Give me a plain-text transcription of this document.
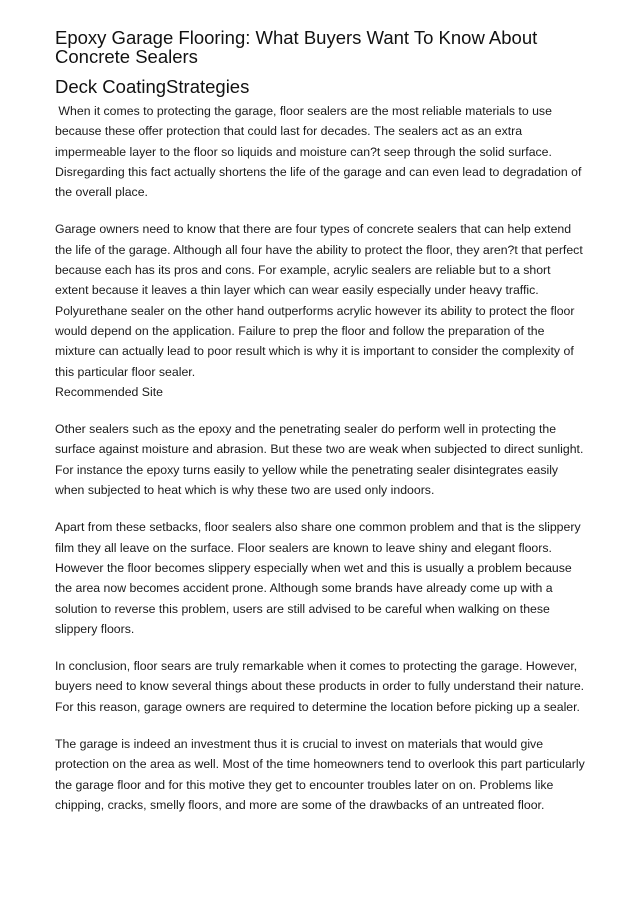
Epoxy Garage Flooring: What Buyers Want To Know About Concrete Sealers
Deck CoatingStrategies

When it comes to protecting the garage, floor sealers are the most reliable materials to use because these offer protection that could last for decades. The sealers act as an extra impermeable layer to the floor so liquids and moisture can?t seep through the solid surface. Disregarding this fact actually shortens the life of the garage and can even lead to degradation of the overall place.

Garage owners need to know that there are four types of concrete sealers that can help extend the life of the garage. Although all four have the ability to protect the floor, they aren?t that perfect because each has its pros and cons. For example, acrylic sealers are reliable but to a short extent because it leaves a thin layer which can wear easily especially under heavy traffic. Polyurethane sealer on the other hand outperforms acrylic however its ability to protect the floor would depend on the application. Failure to prep the floor and follow the preparation of the mixture can actually lead to poor result which is why it is important to consider the complexity of this particular floor sealer.

Recommended Site

Other sealers such as the epoxy and the penetrating sealer do perform well in protecting the surface against moisture and abrasion. But these two are weak when subjected to direct sunlight. For instance the epoxy turns easily to yellow while the penetrating sealer disintegrates easily when subjected to heat which is why these two are used only indoors.

Apart from these setbacks, floor sealers also share one common problem and that is the slippery film they all leave on the surface. Floor sealers are known to leave shiny and elegant floors. However the floor becomes slippery especially when wet and this is usually a problem because the area now becomes accident prone. Although some brands have already come up with a solution to reverse this problem, users are still advised to be careful when walking on these slippery floors.

In conclusion, floor sears are truly remarkable when it comes to protecting the garage. However, buyers need to know several things about these products in order to fully understand their nature. For this reason, garage owners are required to determine the location before picking up a sealer.

The garage is indeed an investment thus it is crucial to invest on materials that would give protection on the area as well. Most of the time homeowners tend to overlook this part particularly the garage floor and for this motive they get to encounter troubles later on on. Problems like chipping, cracks, smelly floors, and more are some of the drawbacks of an untreated floor.
